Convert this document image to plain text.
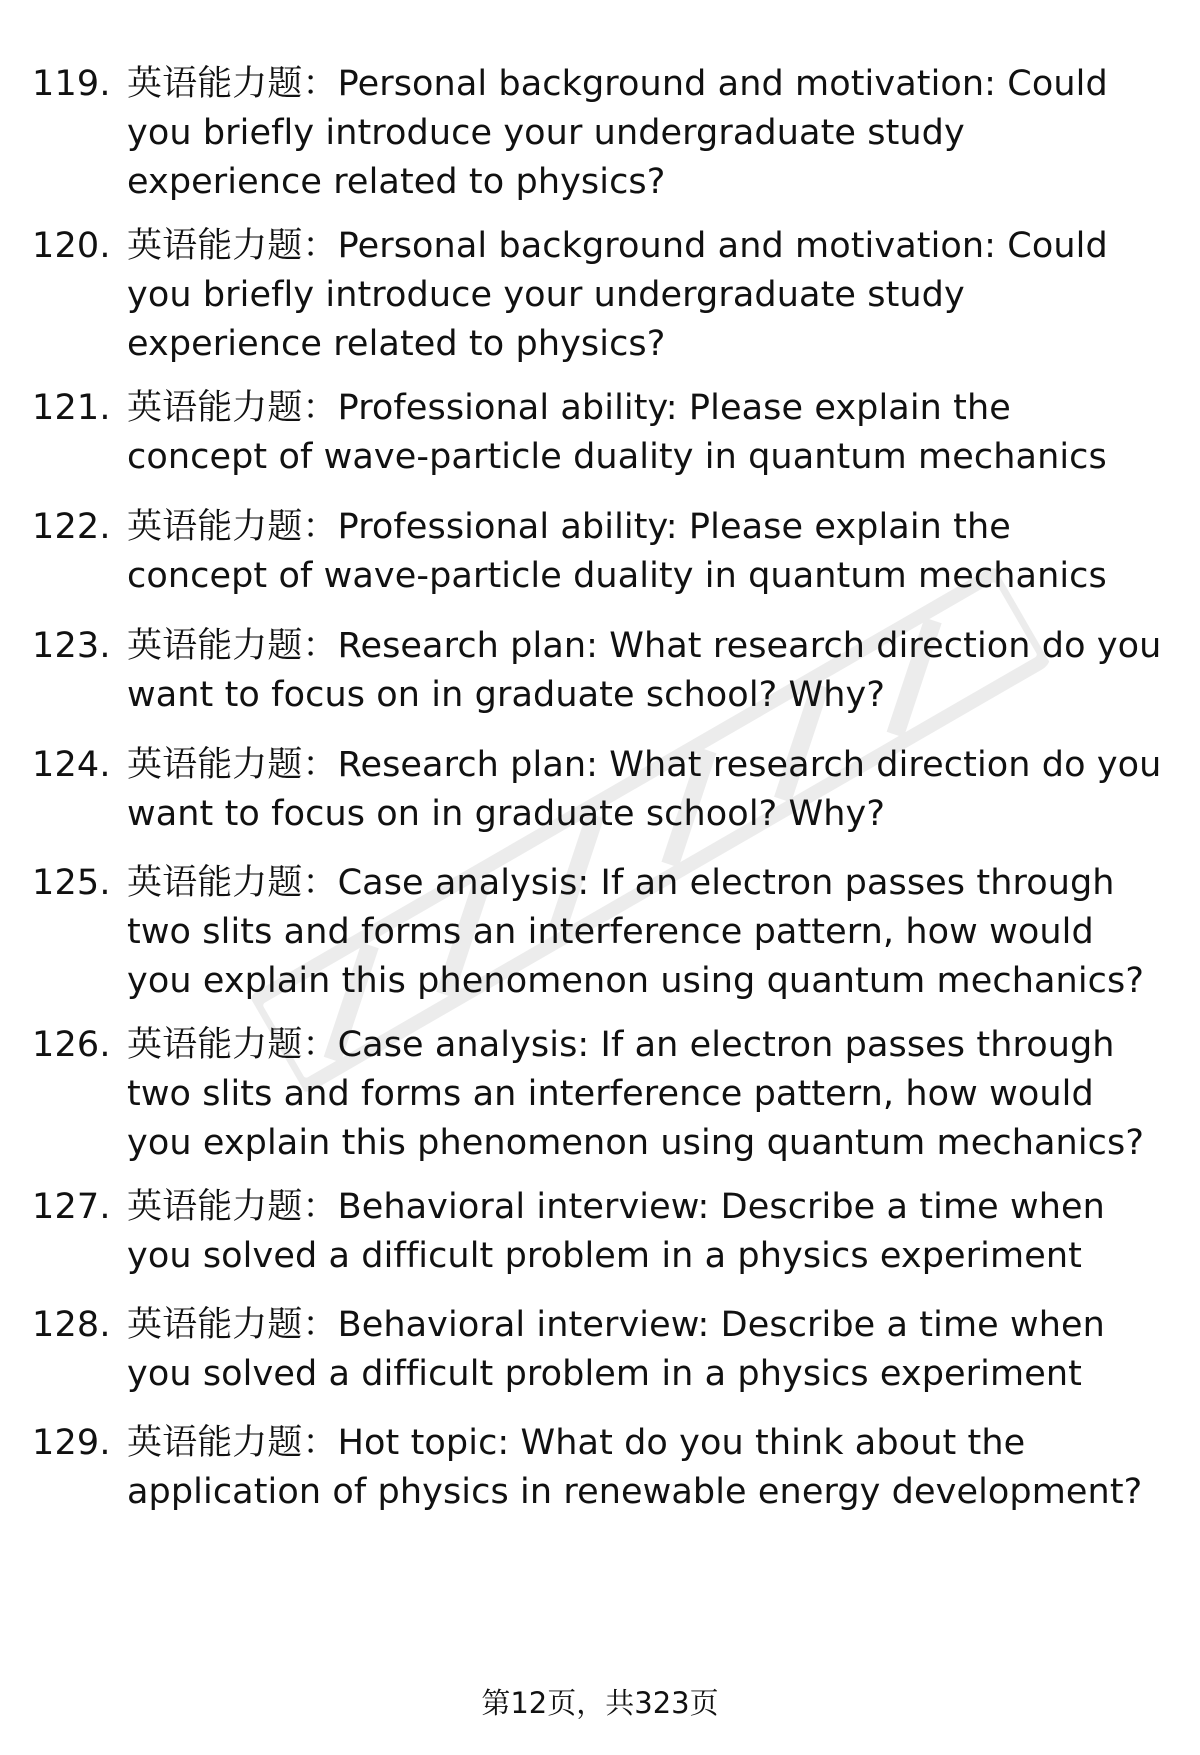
119. 英语能力题：Personal background and motivation: Could you briefly introduce your undergraduate study experience related to physics?
120. 英语能力题：Personal background and motivation: Could you briefly introduce your undergraduate study experience related to physics?
121. 英语能力题：Professional ability: Please explain the concept of wave-particle duality in quantum mechanics
122. 英语能力题：Professional ability: Please explain the concept of wave-particle duality in quantum mechanics
123. 英语能力题：Research plan: What research direction do you want to focus on in graduate school? Why?
124. 英语能力题：Research plan: What research direction do you want to focus on in graduate school? Why?
125. 英语能力题：Case analysis: If an electron passes through two slits and forms an interference pattern, how would you explain this phenomenon using quantum mechanics?
126. 英语能力题：Case analysis: If an electron passes through two slits and forms an interference pattern, how would you explain this phenomenon using quantum mechanics?
127. 英语能力题：Behavioral interview: Describe a time when you solved a difficult problem in a physics experiment
128. 英语能力题：Behavioral interview: Describe a time when you solved a difficult problem in a physics experiment
129. 英语能力题：Hot topic: What do you think about the application of physics in renewable energy development?
第12页，共323页
